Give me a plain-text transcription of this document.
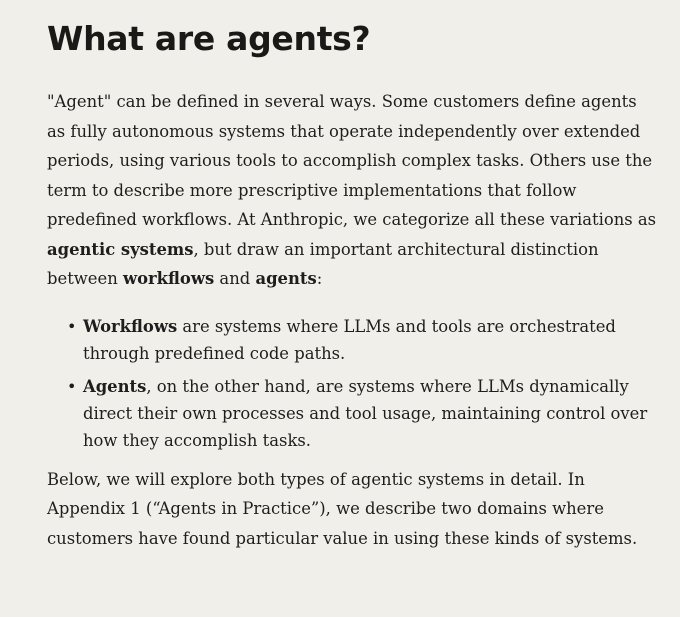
What are agents?

"Agent" can be defined in several ways. Some customers define agents as fully autonomous systems that operate independently over extended periods, using various tools to accomplish complex tasks. Others use the term to describe more prescriptive implementations that follow predefined workflows. At Anthropic, we categorize all these variations as agentic systems, but draw an important architectural distinction between workflows and agents:

• Workflows are systems where LLMs and tools are orchestrated through predefined code paths.
• Agents, on the other hand, are systems where LLMs dynamically direct their own processes and tool usage, maintaining control over how they accomplish tasks.

Below, we will explore both types of agentic systems in detail. In Appendix 1 (“Agents in Practice”), we describe two domains where customers have found particular value in using these kinds of systems.
